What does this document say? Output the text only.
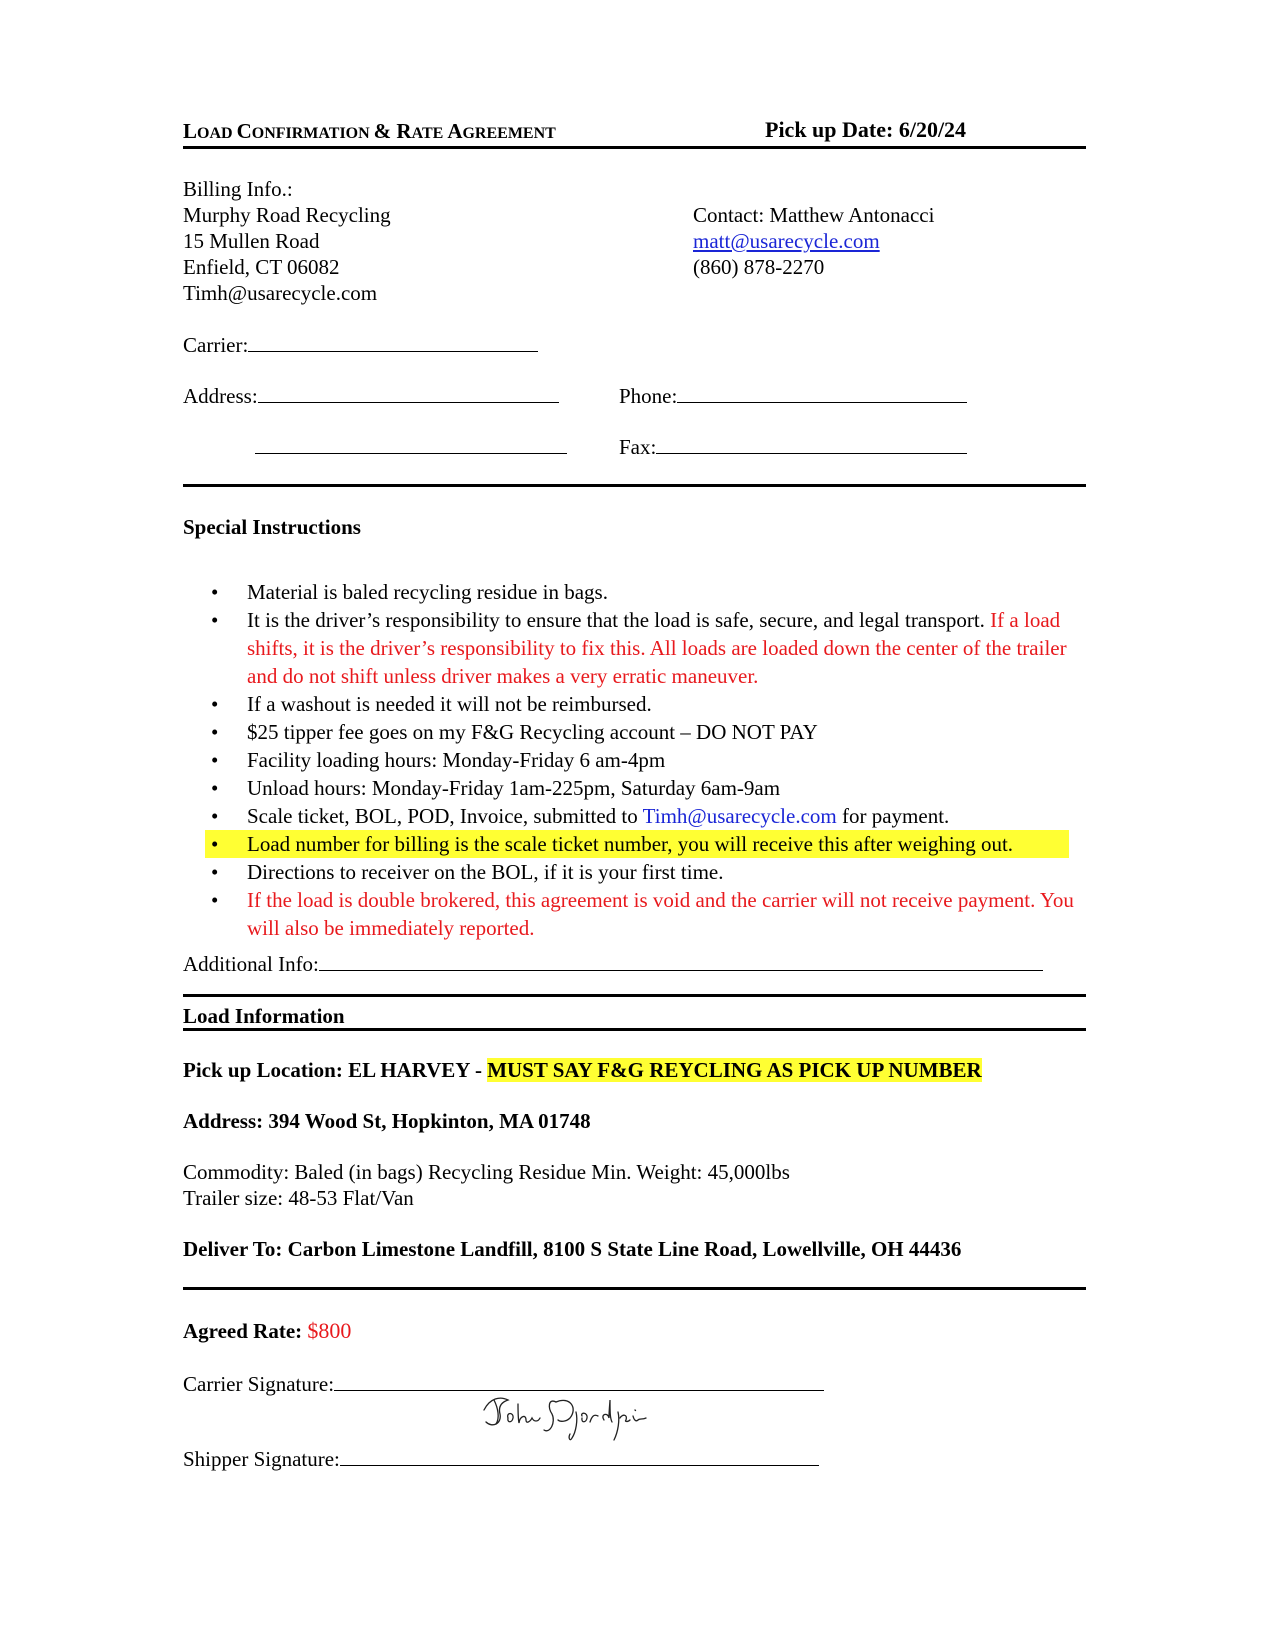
LOAD CONFIRMATION & RATE AGREEMENT	Pick up Date: 6/20/24
Billing Info.:
Murphy Road Recycling
15 Mullen Road
Enfield, CT 06082
Timh@usarecycle.com
Contact: Matthew Antonacci
matt@usarecycle.com
(860) 878-2270
Carrier:
Address:	Phone:
Fax:
Special Instructions
Material is baled recycling residue in bags.
It is the driver’s responsibility to ensure that the load is safe, secure, and legal transport. If a load shifts, it is the driver’s responsibility to fix this. All loads are loaded down the center of the trailer and do not shift unless driver makes a very erratic maneuver.
If a washout is needed it will not be reimbursed.
$25 tipper fee goes on my F&G Recycling account – DO NOT PAY
Facility loading hours: Monday-Friday 6 am-4pm
Unload hours: Monday-Friday 1am-225pm, Saturday 6am-9am
Scale ticket, BOL, POD, Invoice, submitted to Timh@usarecycle.com for payment.
Load number for billing is the scale ticket number, you will receive this after weighing out.
Directions to receiver on the BOL, if it is your first time.
If the load is double brokered, this agreement is void and the carrier will not receive payment. You will also be immediately reported.
Additional Info:
Load Information
Pick up Location: EL HARVEY - MUST SAY F&G REYCLING AS PICK UP NUMBER
Address: 394 Wood St, Hopkinton, MA 01748
Commodity: Baled (in bags) Recycling Residue Min. Weight: 45,000lbs
Trailer size: 48-53 Flat/Van
Deliver To: Carbon Limestone Landfill, 8100 S State Line Road, Lowellville, OH 44436
Agreed Rate: $800
Carrier Signature:
Shipper Signature:
